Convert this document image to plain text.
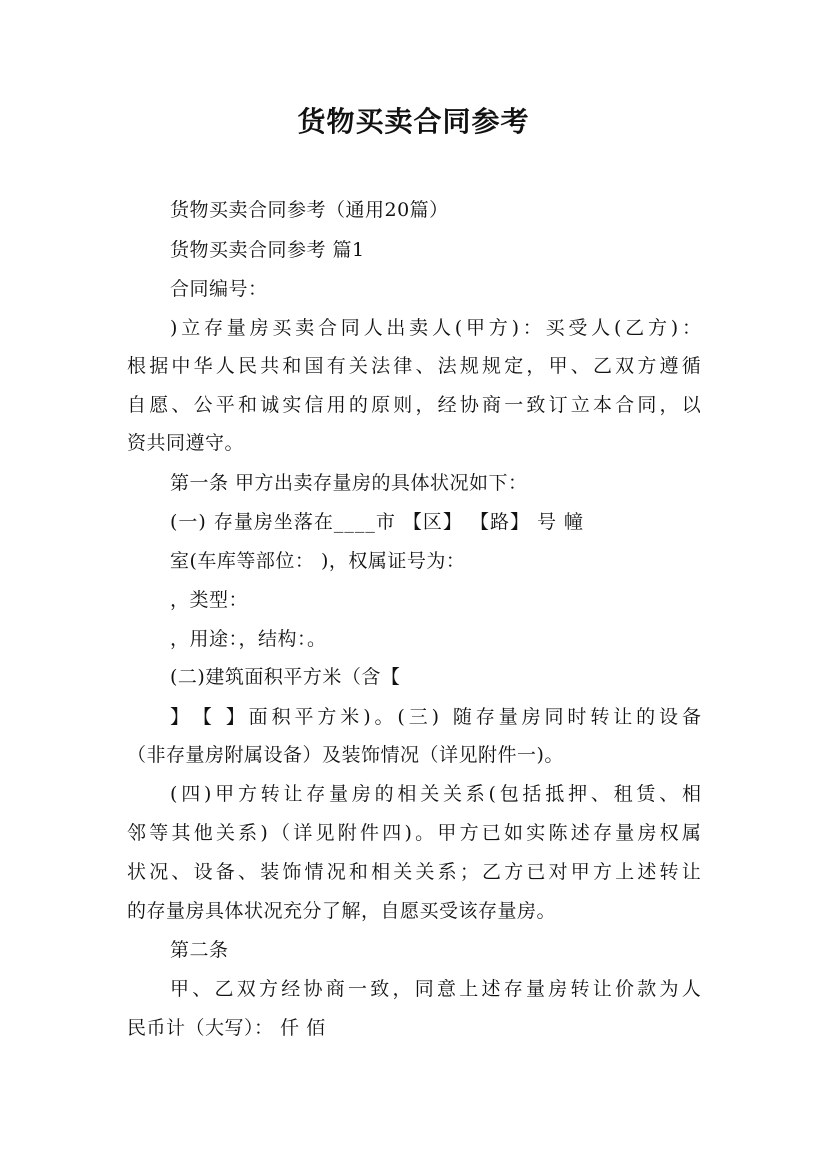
货物买卖合同参考
货物买卖合同参考（通用20篇）
货物买卖合同参考 篇1
合同编号：
) 立 存 量 房 买 卖 合 同 人 出 卖 人 ( 甲 方 ) ： 买 受 人 ( 乙 方 ) ：
根 据 中 华 人 民 共 和 国 有 关 法 律 、 法 规 规 定 ， 甲 、 乙 双 方 遵 循
自 愿 、 公 平 和 诚 实 信 用 的 原 则 ， 经 协 商 一 致 订 立 本 合 同 ， 以
资共同遵守。
第一条 甲方出卖存量房的具体状况如下：
(一) 存量房坐落在____市 【区】 【路】 号 幢
室(车库等部位： )，权属证号为：
，类型：
，用途：，结构：。
(二)建筑面积平方米（含【
】 【
】 面 积 平 方 米 ) 。 ( 三 )
随 存 量 房 同 时 转 让 的 设 备
（非存量房附属设备）及装饰情况（详见附件一)。
( 四 ) 甲 方 转 让 存 量 房 的 相 关 关 系 ( 包 括 抵 押 、 租 赁 、 相
邻 等 其 他 关 系 ) （ 详 见 附 件 四 ) 。 甲 方 已 如 实 陈 述 存 量 房 权 属
状 况 、 设 备 、 装 饰 情 况 和 相 关 关 系 ； 乙 方 已 对 甲 方 上 述 转 让
的存量房具体状况充分了解，自愿买受该存量房。
第二条
甲 、 乙 双 方 经 协 商 一 致 ， 同 意 上 述 存 量 房 转 让 价 款 为 人
民币计（大写）： 仟 佰
